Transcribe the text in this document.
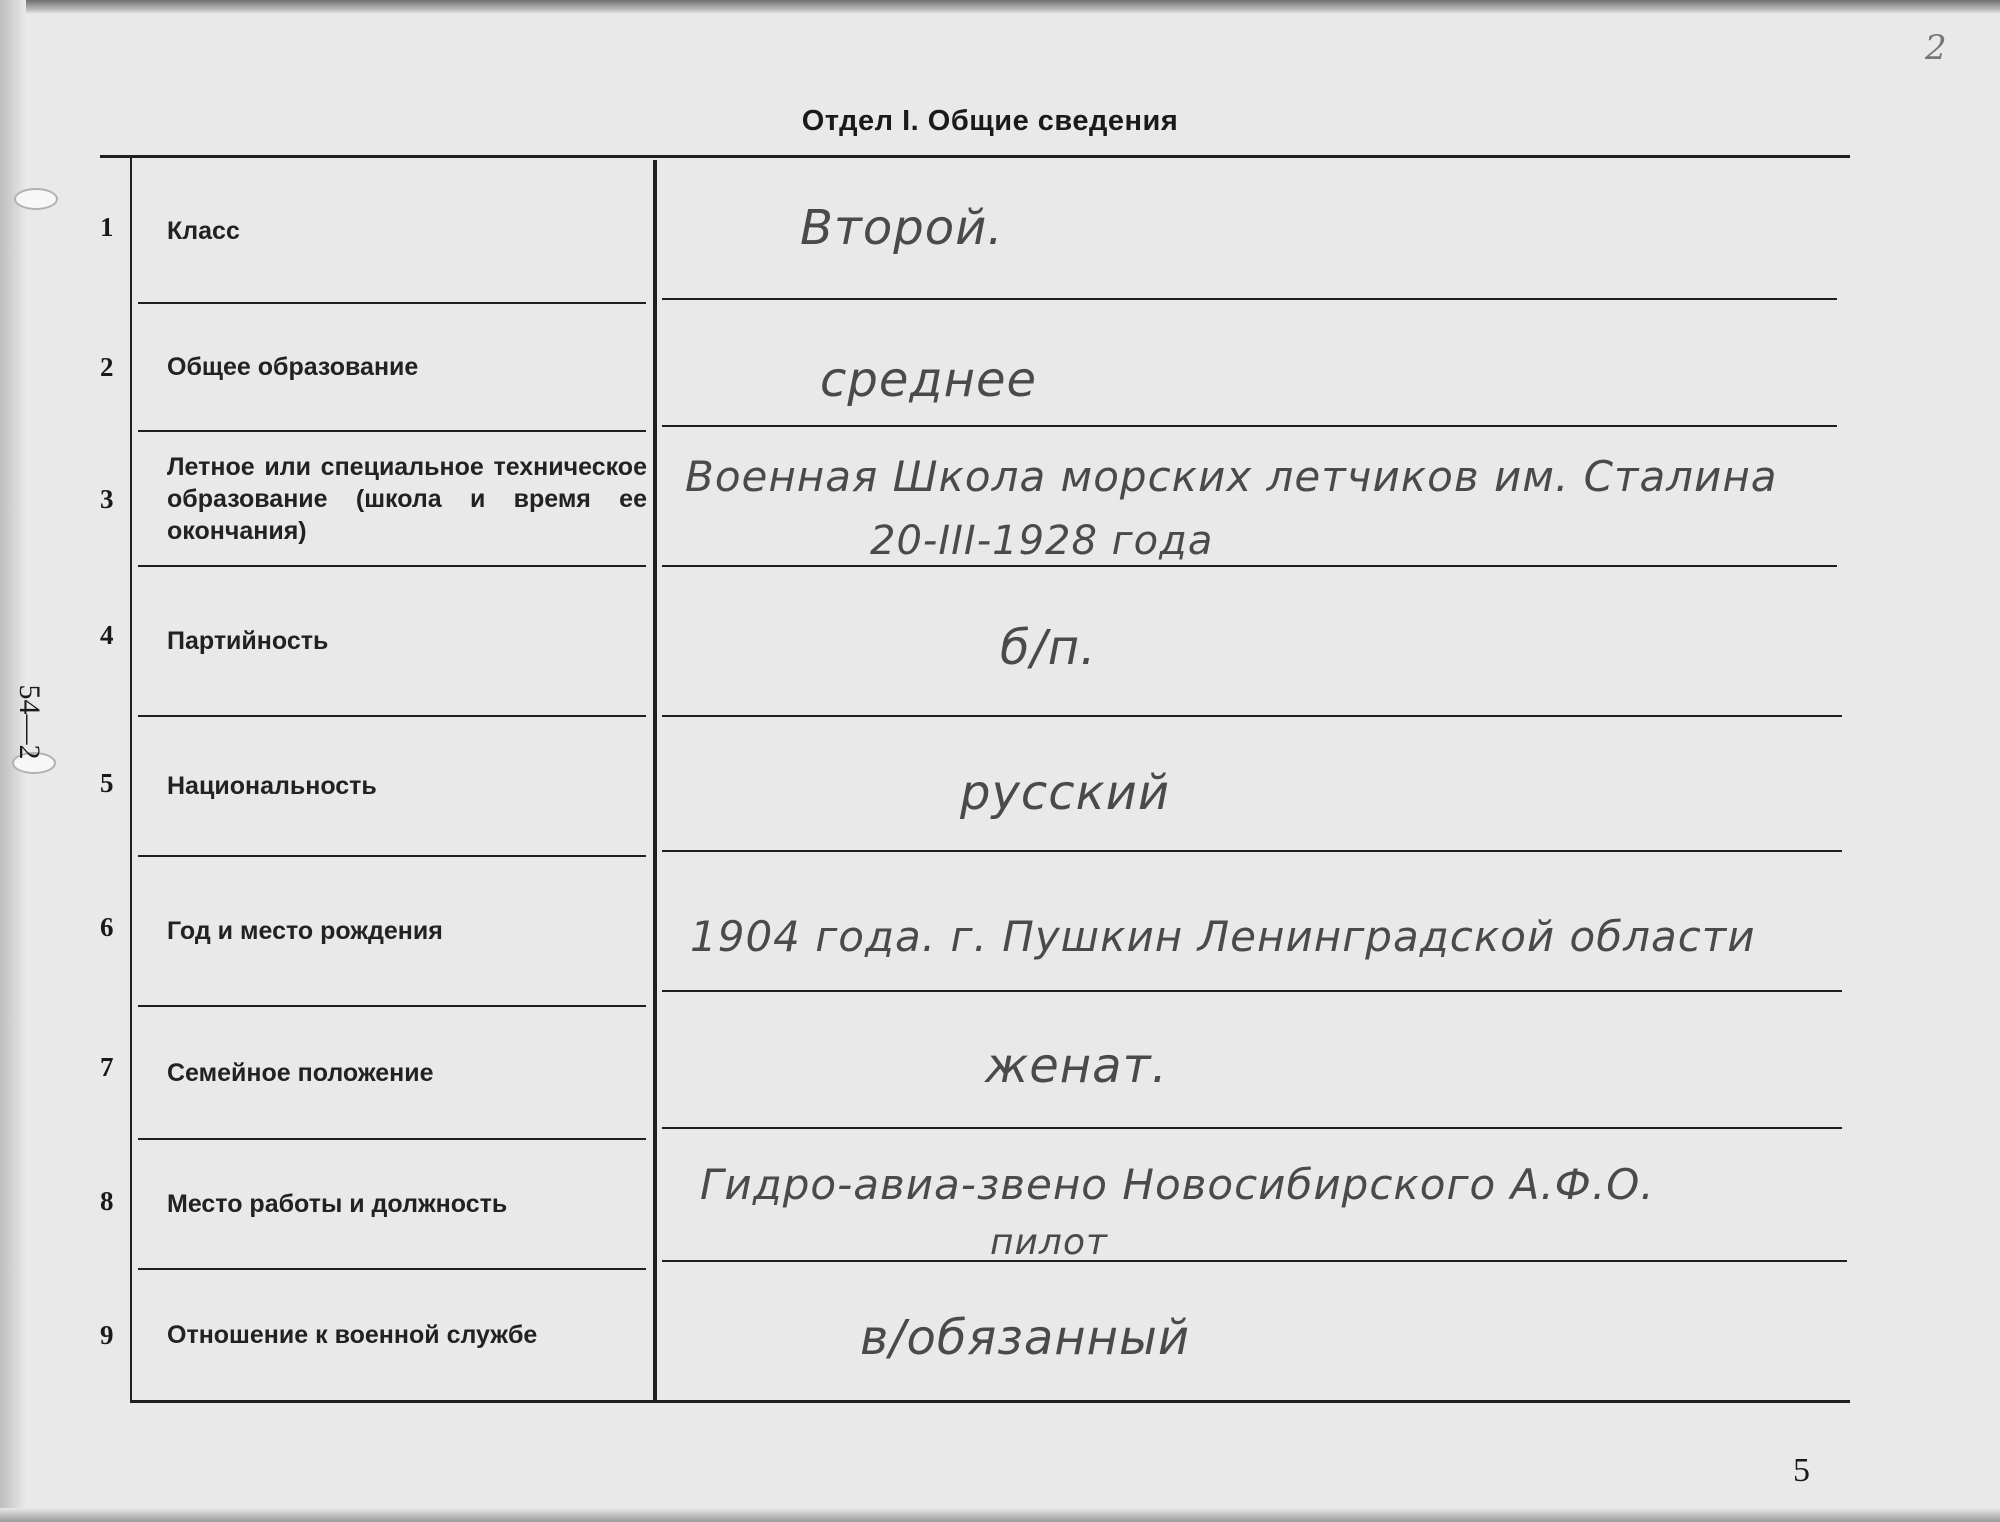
54—2
2
5
Отдел I. Общие сведения
1
2
3
4
5
6
7
8
9
Класс
Общее образование
Летное или специальное техническое образование (школа и время ее окончания)
Партийность
Национальность
Год и место рождения
Семейное положение
Место работы и должность
Отношение к военной службе
Второй.
среднее
Военная Школа морских летчиков им. Сталина
20-III-1928 года
б/п.
русский
1904 года. г. Пушкин Ленинградской области
женат.
Гидро-авиа-звено Новосибирского А.Ф.О.
пилот
в/обязанный
